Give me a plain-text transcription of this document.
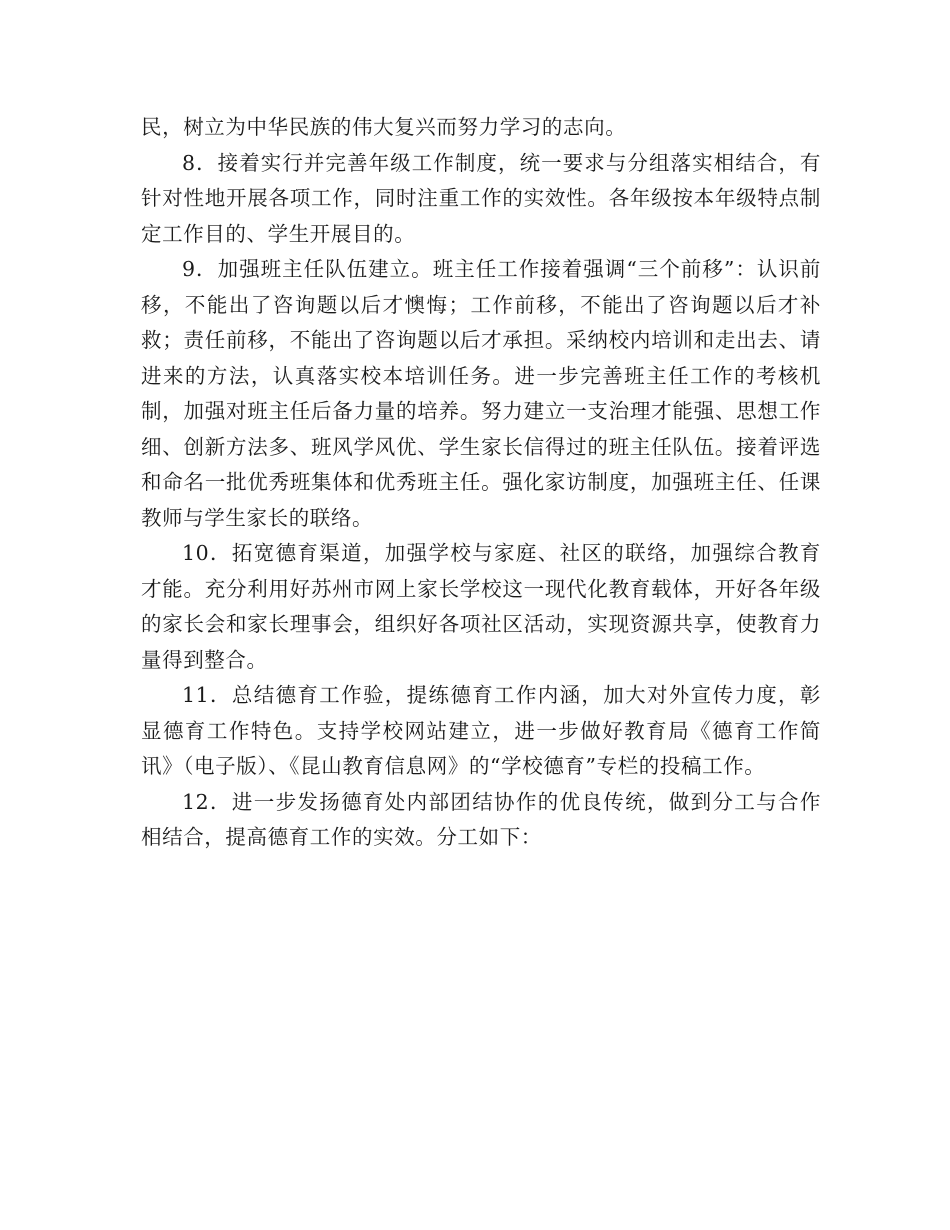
民，树立为中华民族的伟大复兴而努力学习的志向。

8．接着实行并完善年级工作制度，统一要求与分组落实相结合，有针对性地开展各项工作，同时注重工作的实效性。各年级按本年级特点制定工作目的、学生开展目的。

9．加强班主任队伍建立。班主任工作接着强调“三个前移”：认识前移，不能出了咨询题以后才懊悔；工作前移，不能出了咨询题以后才补救；责任前移，不能出了咨询题以后才承担。采纳校内培训和走出去、请进来的方法，认真落实校本培训任务。进一步完善班主任工作的考核机制，加强对班主任后备力量的培养。努力建立一支治理才能强、思想工作细、创新方法多、班风学风优、学生家长信得过的班主任队伍。接着评选和命名一批优秀班集体和优秀班主任。强化家访制度，加强班主任、任课教师与学生家长的联络。

10．拓宽德育渠道，加强学校与家庭、社区的联络，加强综合教育才能。充分利用好苏州市网上家长学校这一现代化教育载体，开好各年级的家长会和家长理事会，组织好各项社区活动，实现资源共享，使教育力量得到整合。

11．总结德育工作验，提练德育工作内涵，加大对外宣传力度，彰显德育工作特色。支持学校网站建立，进一步做好教育局《德育工作简讯》（电子版）、《昆山教育信息网》的“学校德育”专栏的投稿工作。

12．进一步发扬德育处内部团结协作的优良传统，做到分工与合作相结合，提高德育工作的实效。分工如下：
